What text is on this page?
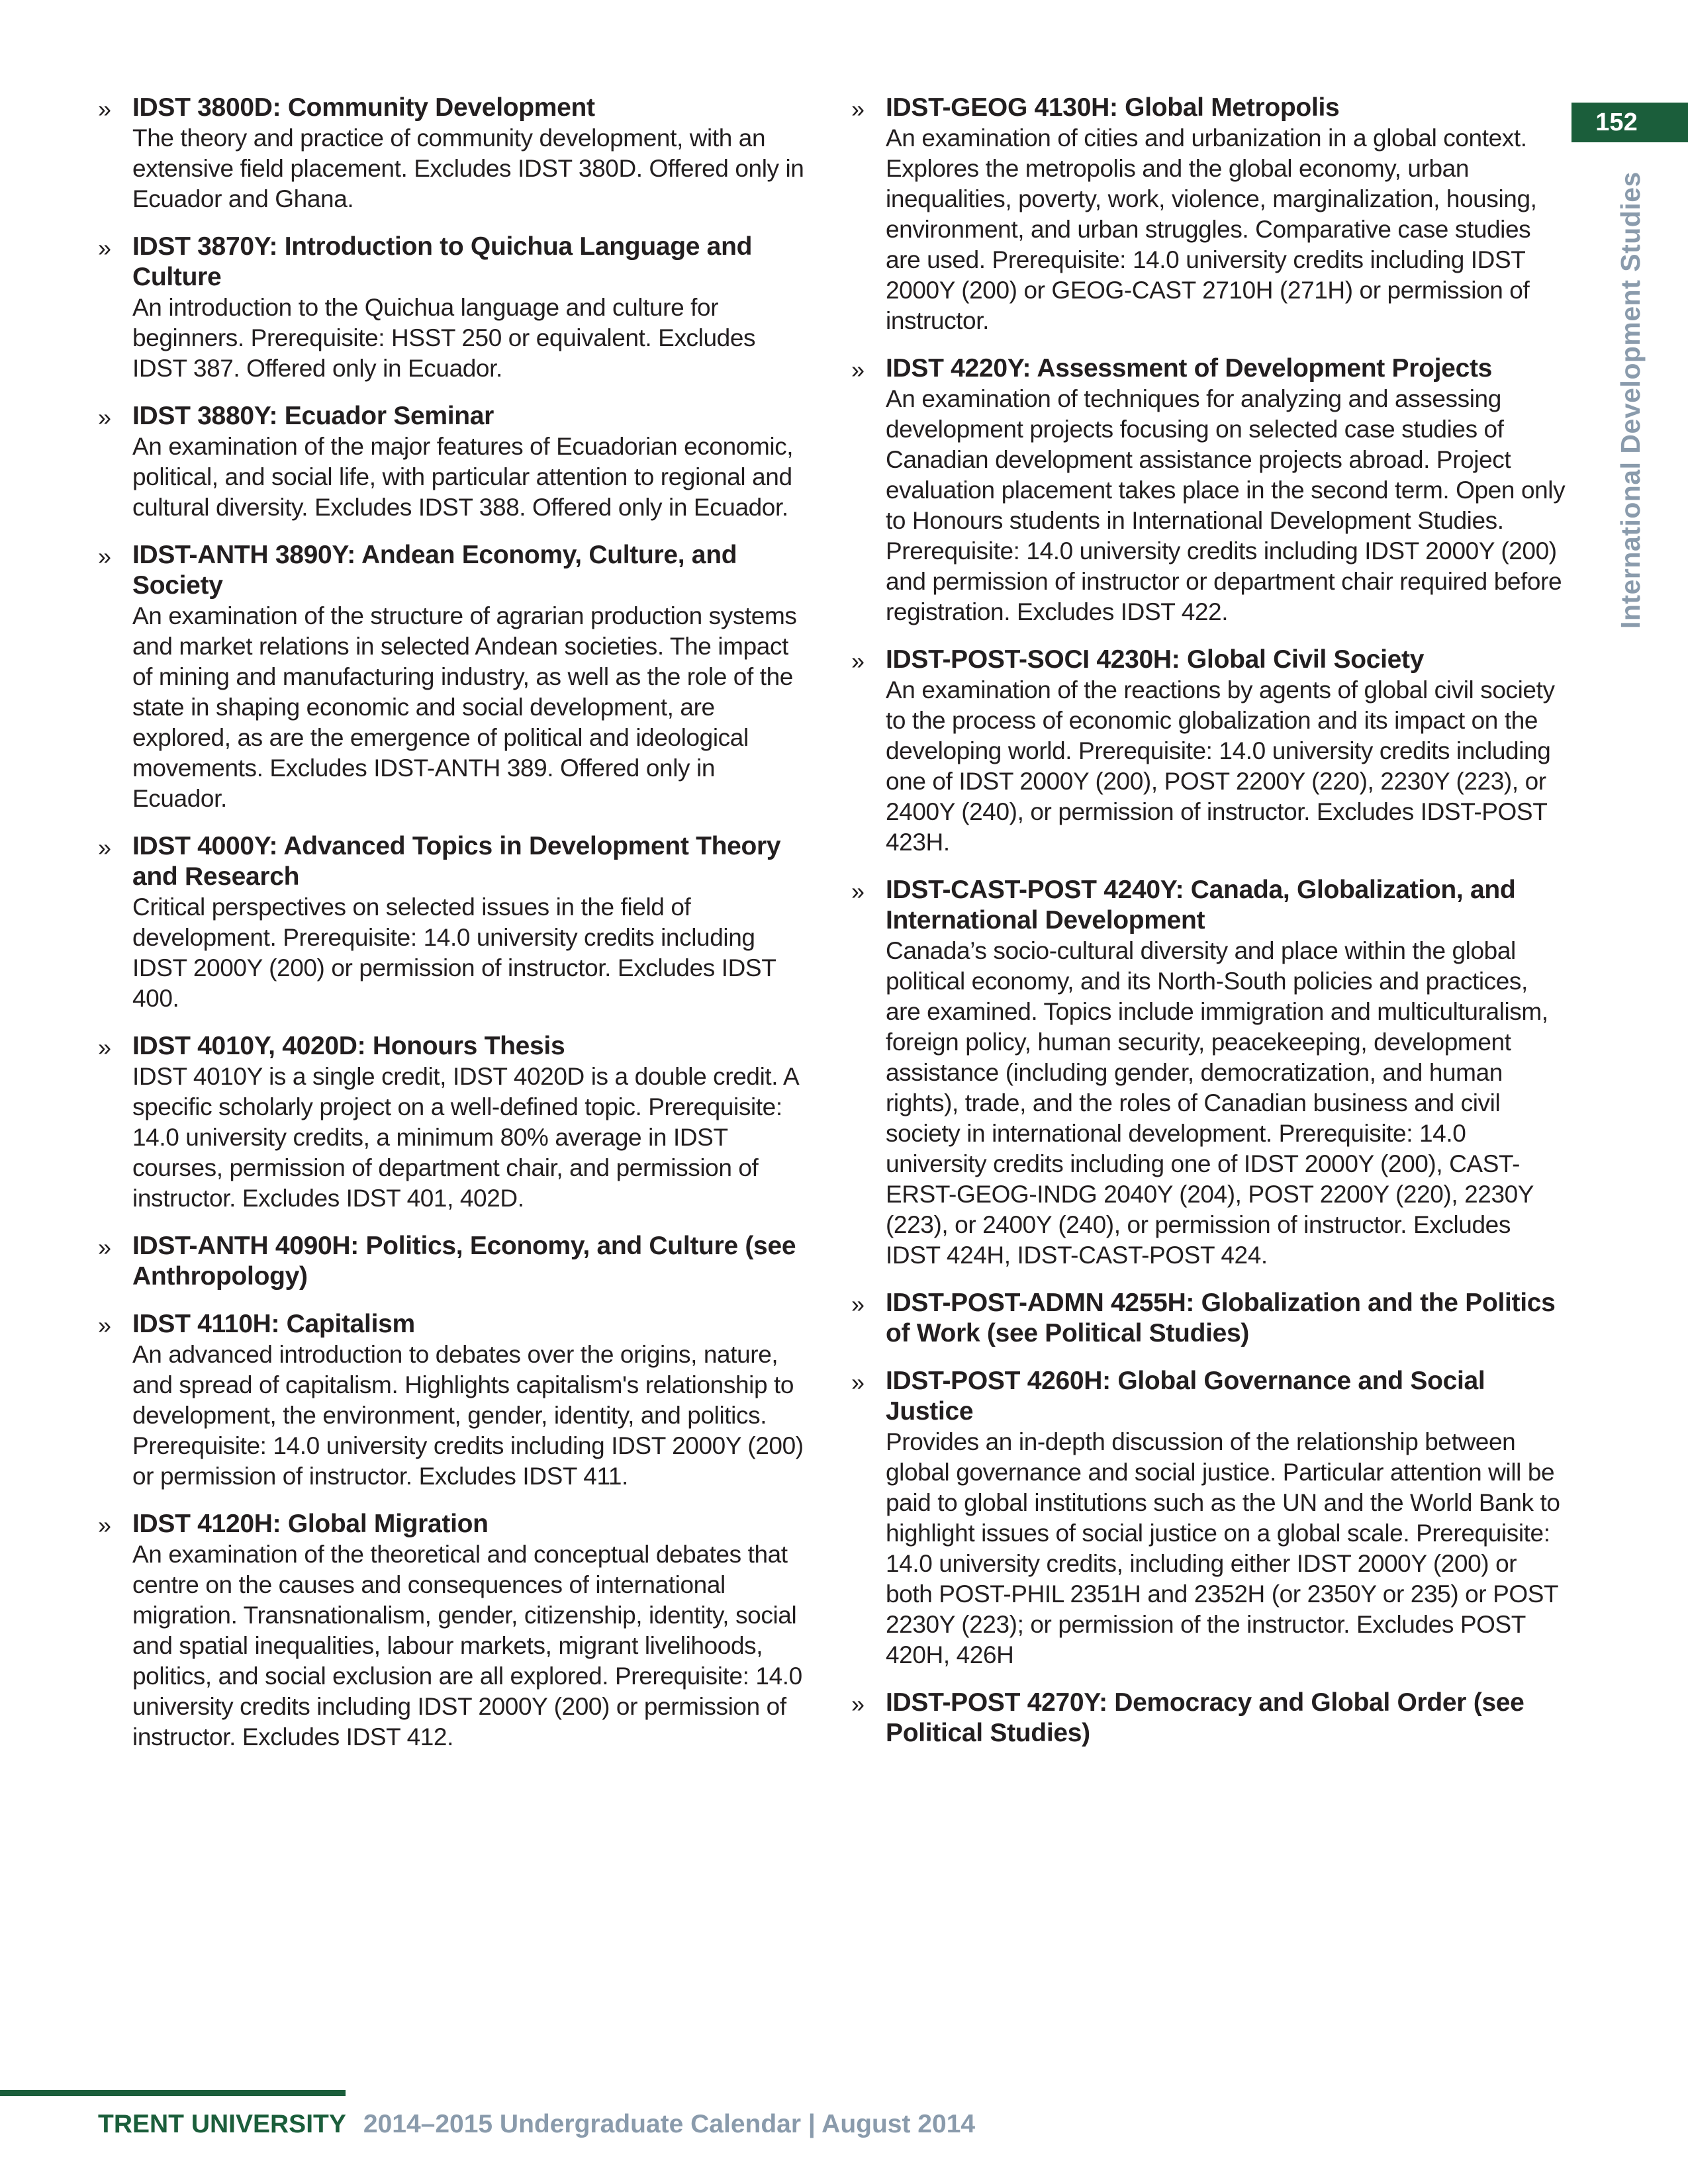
» IDST 3800D: Community Development
The theory and practice of community development, with an extensive field placement. Excludes IDST 380D. Offered only in Ecuador and Ghana.
» IDST 3870Y: Introduction to Quichua Language and Culture
An introduction to the Quichua language and culture for beginners. Prerequisite: HSST 250 or equivalent. Excludes IDST 387. Offered only in Ecuador.
» IDST 3880Y: Ecuador Seminar
An examination of the major features of Ecuadorian economic, political, and social life, with particular attention to regional and cultural diversity. Excludes IDST 388. Offered only in Ecuador.
» IDST-ANTH 3890Y: Andean Economy, Culture, and Society
An examination of the structure of agrarian production systems and market relations in selected Andean societies. The impact of mining and manufacturing industry, as well as the role of the state in shaping economic and social development, are explored, as are the emergence of political and ideological movements. Excludes IDST-ANTH 389. Offered only in Ecuador.
» IDST 4000Y: Advanced Topics in Development Theory and Research
Critical perspectives on selected issues in the field of development. Prerequisite: 14.0 university credits including IDST 2000Y (200) or permission of instructor. Excludes IDST 400.
» IDST 4010Y, 4020D: Honours Thesis
IDST 4010Y is a single credit, IDST 4020D is a double credit. A specific scholarly project on a well-defined topic. Prerequisite: 14.0 university credits, a minimum 80% average in IDST courses, permission of department chair, and permission of instructor. Excludes IDST 401, 402D.
» IDST-ANTH 4090H: Politics, Economy, and Culture (see Anthropology)
» IDST 4110H: Capitalism
An advanced introduction to debates over the origins, nature, and spread of capitalism. Highlights capitalism's relationship to development, the environment, gender, identity, and politics. Prerequisite: 14.0 university credits including IDST 2000Y (200) or permission of instructor. Excludes IDST 411.
» IDST 4120H: Global Migration
An examination of the theoretical and conceptual debates that centre on the causes and consequences of international migration. Transnationalism, gender, citizenship, identity, social and spatial inequalities, labour markets, migrant livelihoods, politics, and social exclusion are all explored. Prerequisite: 14.0 university credits including IDST 2000Y (200) or permission of instructor. Excludes IDST 412.
» IDST-GEOG 4130H: Global Metropolis
An examination of cities and urbanization in a global context. Explores the metropolis and the global economy, urban inequalities, poverty, work, violence, marginalization, housing, environment, and urban struggles. Comparative case studies are used. Prerequisite: 14.0 university credits including IDST 2000Y (200) or GEOG-CAST 2710H (271H) or permission of instructor.
» IDST 4220Y: Assessment of Development Projects
An examination of techniques for analyzing and assessing development projects focusing on selected case studies of Canadian development assistance projects abroad. Project evaluation placement takes place in the second term. Open only to Honours students in International Development Studies. Prerequisite: 14.0 university credits including IDST 2000Y (200) and permission of instructor or department chair required before registration. Excludes IDST 422.
» IDST-POST-SOCI 4230H: Global Civil Society
An examination of the reactions by agents of global civil society to the process of economic globalization and its impact on the developing world. Prerequisite: 14.0 university credits including one of IDST 2000Y (200), POST 2200Y (220), 2230Y (223), or 2400Y (240), or permission of instructor. Excludes IDST-POST 423H.
» IDST-CAST-POST 4240Y: Canada, Globalization, and International Development
Canada’s socio-cultural diversity and place within the global political economy, and its North-South policies and practices, are examined. Topics include immigration and multiculturalism, foreign policy, human security, peacekeeping, development assistance (including gender, democratization, and human rights), trade, and the roles of Canadian business and civil society in international development. Prerequisite: 14.0 university credits including one of IDST 2000Y (200), CAST-ERST-GEOG-INDG 2040Y (204), POST 2200Y (220), 2230Y (223), or 2400Y (240), or permission of instructor. Excludes IDST 424H, IDST-CAST-POST 424.
» IDST-POST-ADMN 4255H: Globalization and the Politics of Work (see Political Studies)
» IDST-POST 4260H: Global Governance and Social Justice
Provides an in-depth discussion of the relationship between global governance and social justice. Particular attention will be paid to global institutions such as the UN and the World Bank to highlight issues of social justice on a global scale. Prerequisite: 14.0 university credits, including either IDST 2000Y (200) or both POST-PHIL 2351H and 2352H (or 2350Y or 235) or POST 2230Y (223); or permission of the instructor. Excludes POST 420H, 426H
» IDST-POST 4270Y: Democracy and Global Order (see Political Studies)
152
International Development Studies
TRENT UNIVERSITY 2014–2015 Undergraduate Calendar | August 2014
